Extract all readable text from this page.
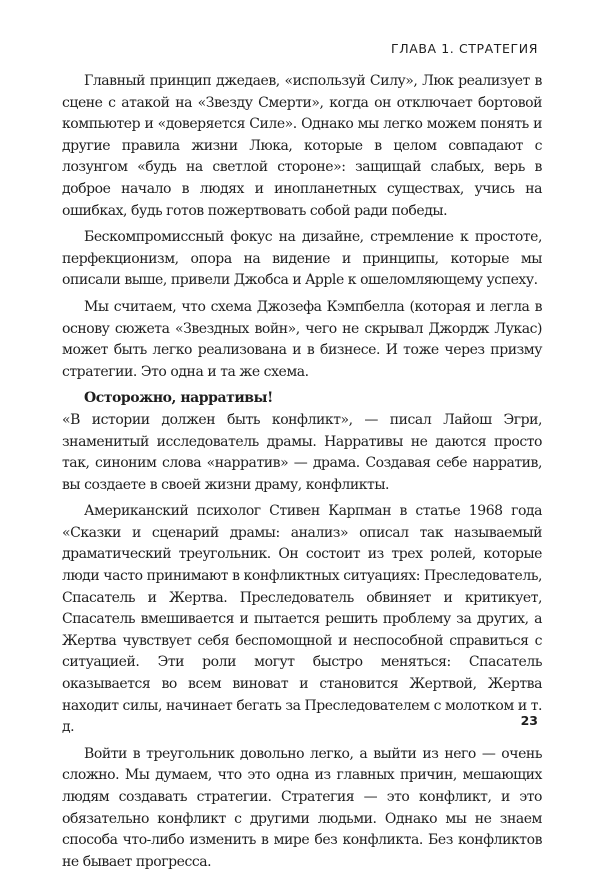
ГЛАВА 1. СТРАТЕГИЯ

Главный принцип джедаев, «используй Силу», Люк реализует в сцене с атакой на «Звезду Смерти», когда он отключает бортовой компьютер и «доверяется Силе». Однако мы легко можем понять и другие правила жизни Люка, которые в целом совпадают с лозунгом «будь на светлой стороне»: защищай слабых, верь в доброе начало в людях и инопланетных существах, учись на ошибках, будь готов пожертвовать собой ради победы.

Бескомпромиссный фокус на дизайне, стремление к простоте, перфекционизм, опора на видение и принципы, которые мы описали выше, привели Джобса и Apple к ошеломляющему успеху.

Мы считаем, что схема Джозефа Кэмпбелла (которая и легла в основу сюжета «Звездных войн», чего не скрывал Джордж Лукас) может быть легко реализована и в бизнесе. И тоже через призму стратегии. Это одна и та же схема.

Осторожно, нарративы!

«В истории должен быть конфликт», — писал Лайош Эгри, знаменитый исследователь драмы. Нарративы не даются просто так, синоним слова «нарратив» — драма. Создавая себе нарратив, вы создаете в своей жизни драму, конфликты.

Американский психолог Стивен Карпман в статье 1968 года «Сказки и сценарий драмы: анализ» описал так называемый драматический треугольник. Он состоит из трех ролей, которые люди часто принимают в конфликтных ситуациях: Преследователь, Спасатель и Жертва. Преследователь обвиняет и критикует, Спасатель вмешивается и пытается решить проблему за других, а Жертва чувствует себя беспомощной и неспособной справиться с ситуацией. Эти роли могут быстро меняться: Спасатель оказывается во всем виноват и становится Жертвой, Жертва находит силы, начинает бегать за Преследователем с молотком и т. д.

Войти в треугольник довольно легко, а выйти из него — очень сложно. Мы думаем, что это одна из главных причин, мешающих людям создавать стратегии. Стратегия — это конфликт, и это обязательно конфликт с другими людьми. Однако мы не знаем способа что-либо изменить в мире без конфликта. Без конфликтов не бывает прогресса.

23
